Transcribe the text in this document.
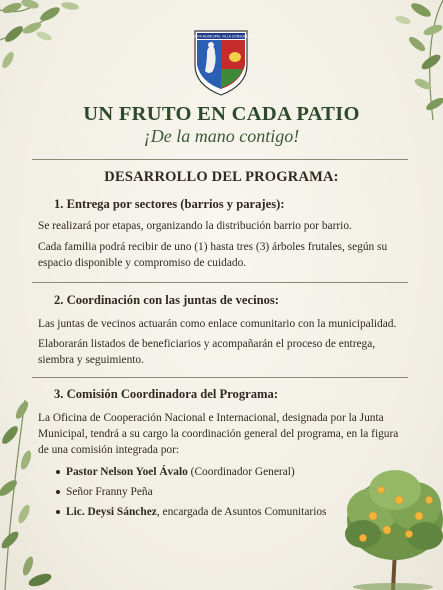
JUNTA MUNICIPAL VILLA CONSUELO
UN FRUTO EN CADA PATIO

¡De la mano contigo!

DESARROLLO DEL PROGRAMA:

1. Entrega por sectores (barrios y parajes):

Se realizará por etapas, organizando la distribución barrio por barrio.

Cada familia podrá recibir de uno (1) hasta tres (3) árboles frutales, según su espacio disponible y compromiso de cuidado.

2. Coordinación con las juntas de vecinos:

Las juntas de vecinos actuarán como enlace comunitario con la municipalidad.

Elaborarán listados de beneficiarios y acompañarán el proceso de entrega, siembra y seguimiento.

3. Comisión Coordinadora del Programa:

La Oficina de Cooperación Nacional e Internacional, designada por la Junta Municipal, tendrá a su cargo la coordinación general del programa, en la figura de una comisión integrada por:

Pastor Nelson Yoel Ávalo (Coordinador General)
Señor Franny Peña
Lic. Deysi Sánchez, encargada de Asuntos Comunitarios
